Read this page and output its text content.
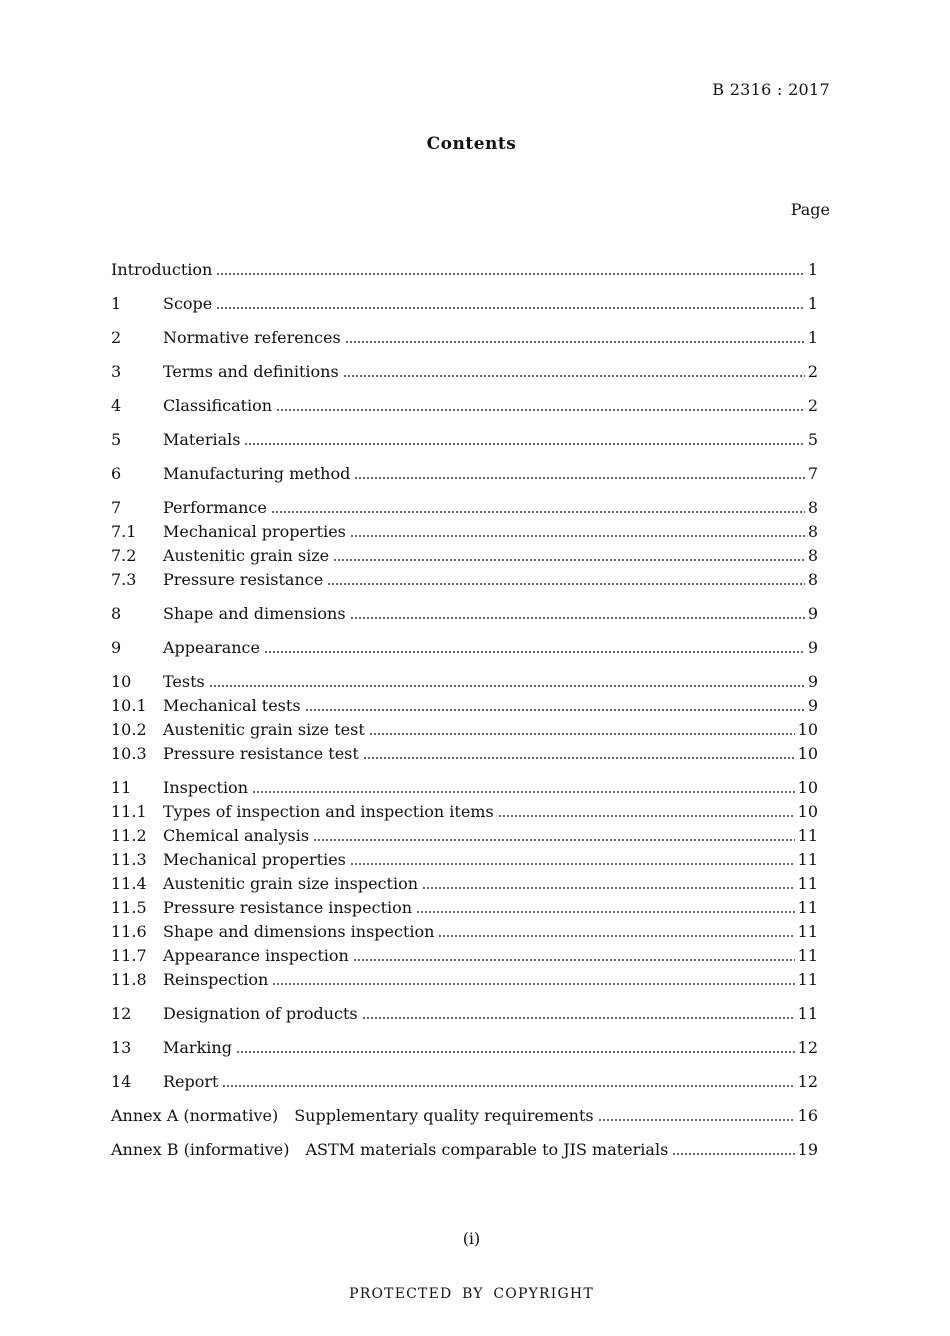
B 2316 : 2017
Contents
Page
Introduction	1
1	Scope	1
2	Normative references	1
3	Terms and definitions	2
4	Classification	2
5	Materials	5
6	Manufacturing method	7
7	Performance	8
7.1	Mechanical properties	8
7.2	Austenitic grain size	8
7.3	Pressure resistance	8
8	Shape and dimensions	9
9	Appearance	9
10	Tests	9
10.1	Mechanical tests	9
10.2	Austenitic grain size test	10
10.3	Pressure resistance test	10
11	Inspection	10
11.1	Types of inspection and inspection items	10
11.2	Chemical analysis	11
11.3	Mechanical properties	11
11.4	Austenitic grain size inspection	11
11.5	Pressure resistance inspection	11
11.6	Shape and dimensions inspection	11
11.7	Appearance inspection	11
11.8	Reinspection	11
12	Designation of products	11
13	Marking	12
14	Report	12
Annex A (normative) Supplementary quality requirements	16
Annex B (informative) ASTM materials comparable to JIS materials	19
(i)
PROTECTED BY COPYRIGHT
